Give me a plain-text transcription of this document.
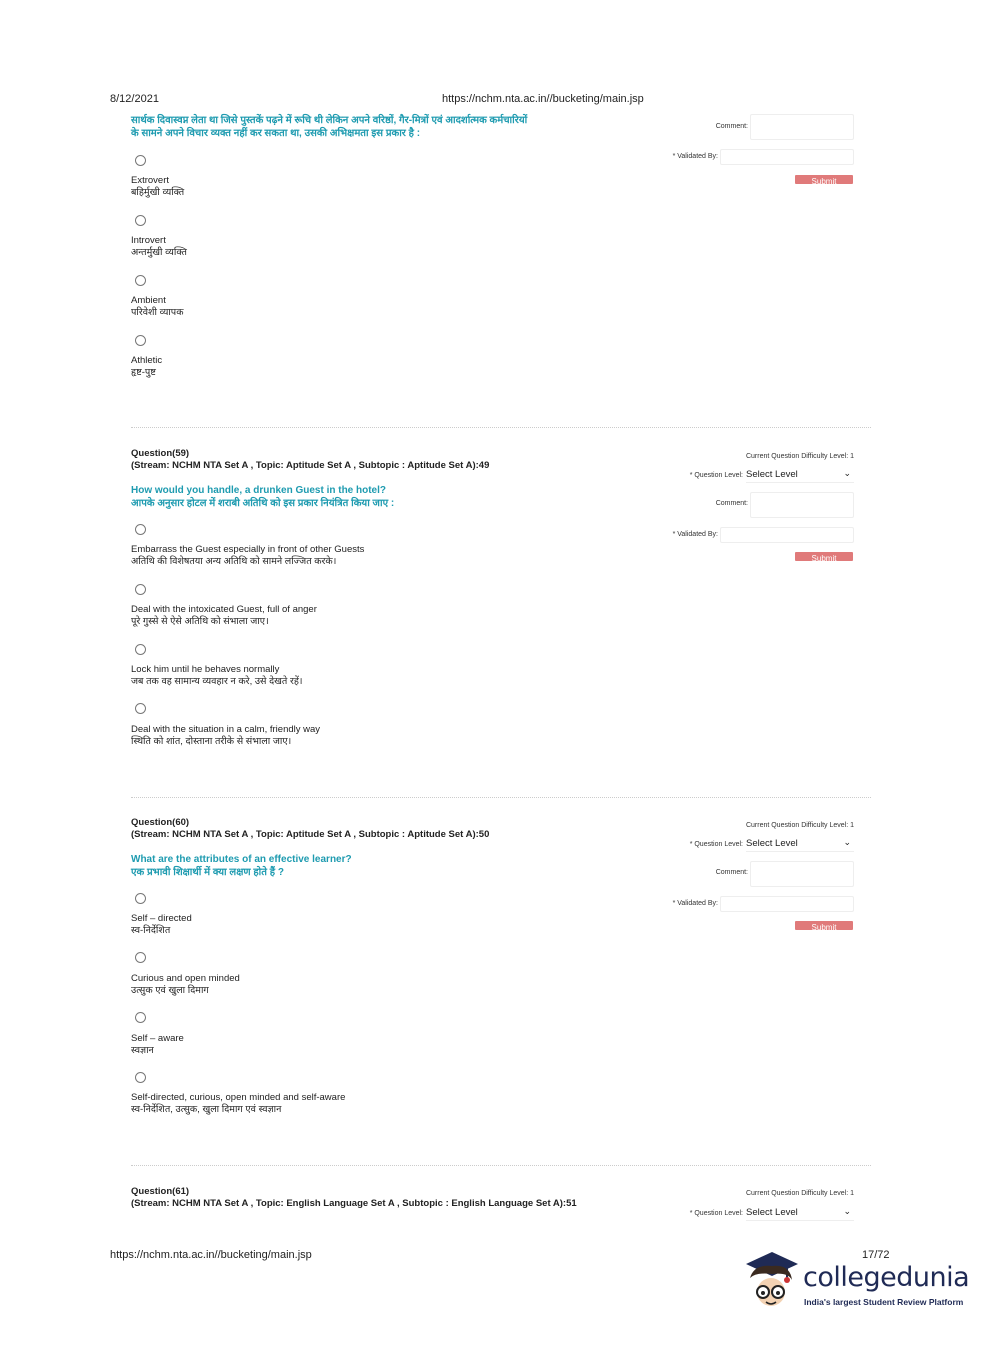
8/12/2021	https://nchm.nta.ac.in//bucketing/main.jsp
सार्थक दिवास्वप्न लेता था जिसे पुस्तकें पढ़ने में रूचि थी लेकिन अपने वरिष्ठों, गैर-मित्रों एवं आदर्शात्मक कर्मचारियों
के सामने अपने विचार व्यक्त नहीं कर सकता था, उसकी अभिक्षमता इस प्रकार है :
Extrovert
बहिर्मुखी व्यक्ति
Introvert
अन्तर्मुखी व्यक्ति
Ambient
परिवेशी व्यापक
Athletic
हृष्ट-पुष्ट
Comment:
* Validated By:
Submit
Question(59)
(Stream: NCHM NTA Set A , Topic: Aptitude Set A , Subtopic : Aptitude Set A):49
How would you handle, a drunken Guest in the hotel?
आपके अनुसार होटल में शराबी अतिथि को इस प्रकार नियंत्रित किया जाए :
Embarrass the Guest especially in front of other Guests
अतिथि की विशेषतया अन्य अतिथि को सामने लज्जित करके।
Deal with the intoxicated Guest, full of anger
पूरे गुस्से से ऐसे अतिथि को संभाला जाए।
Lock him until he behaves normally
जब तक वह सामान्य व्यवहार न करे, उसे देखते रहें।
Deal with the situation in a calm, friendly way
स्थिति को शांत, दोस्ताना तरीके से संभाला जाए।
Current Question Difficulty Level: 1
* Question Level: Select Level	⌄
Comment:
* Validated By:
Submit
Question(60)
(Stream: NCHM NTA Set A , Topic: Aptitude Set A , Subtopic : Aptitude Set A):50
What are the attributes of an effective learner?
एक प्रभावी शिक्षार्थी में क्या लक्षण होते हैं ?
Self – directed
स्व-निर्देशित
Curious and open minded
उत्सुक एवं खुला दिमाग
Self – aware
स्वज्ञान
Self-directed, curious, open minded and self-aware
स्व-निर्देशित, उत्सुक, खुला दिमाग एवं स्वज्ञान
Current Question Difficulty Level: 1
* Question Level: Select Level	⌄
Comment:
* Validated By:
Submit
Question(61)
(Stream: NCHM NTA Set A , Topic: English Language Set A , Subtopic : English Language Set A):51
Current Question Difficulty Level: 1
* Question Level: Select Level	⌄
https://nchm.nta.ac.in//bucketing/main.jsp	17/72
collegedunia
India's largest Student Review Platform
